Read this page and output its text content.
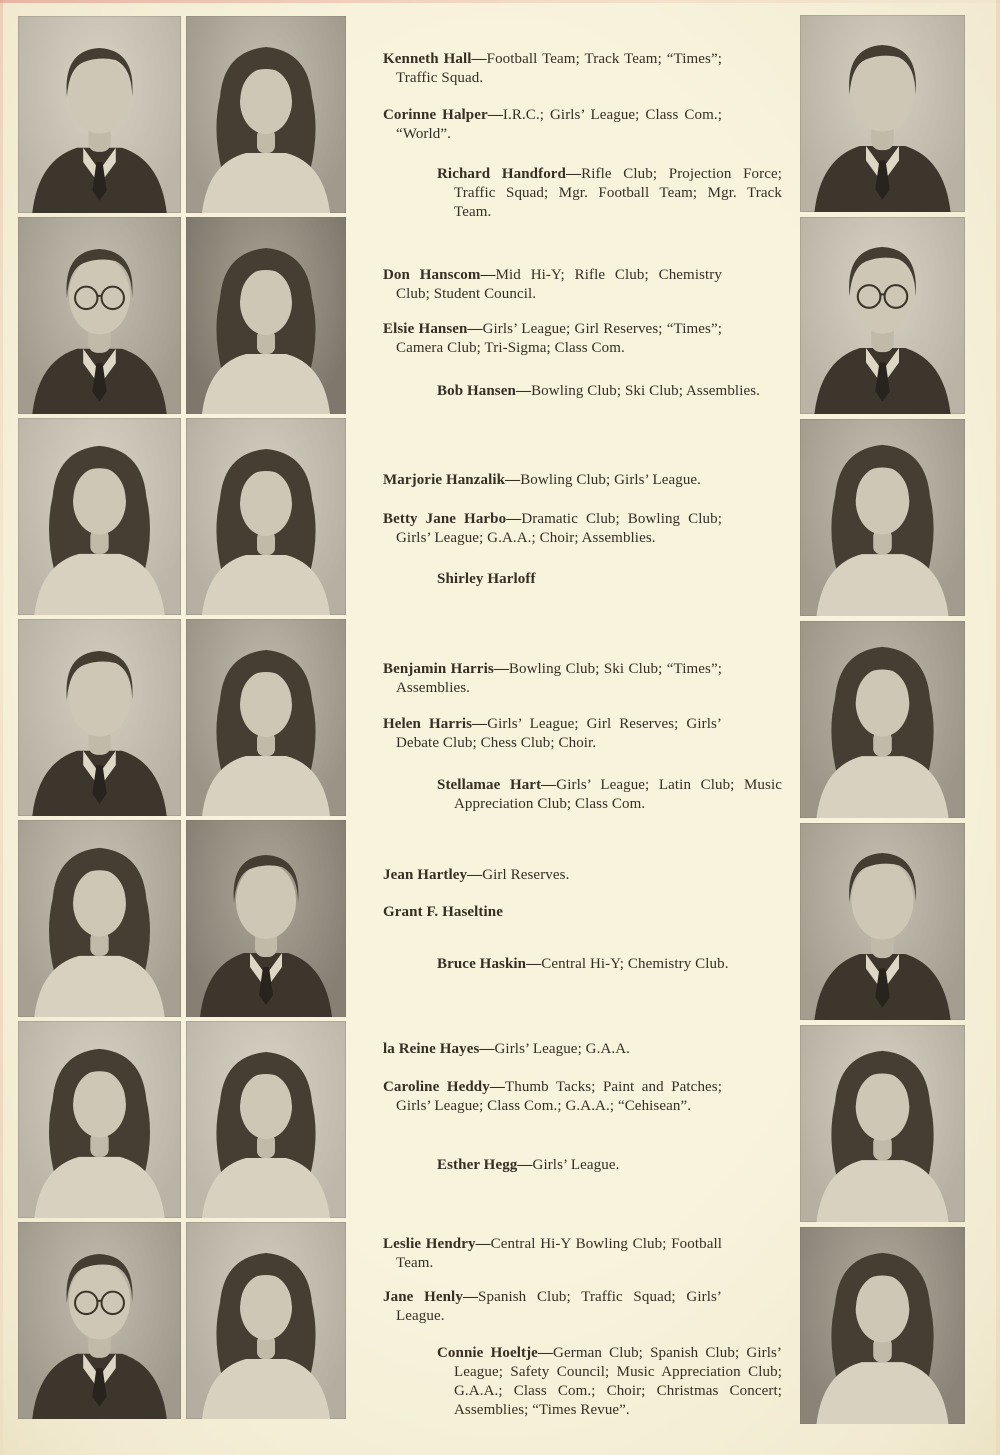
Kenneth Hall—Football Team; Track Team; “Times”; Traffic Squad.
Corinne Halper—I.R.C.; Girls’ League; Class Com.; “World”.
Richard Handford—Rifle Club; Projection Force; Traffic Squad; Mgr. Football Team; Mgr. Track Team.
Don Hanscom—Mid Hi-Y; Rifle Club; Chemistry Club; Student Council.
Elsie Hansen—Girls’ League; Girl Reserves; “Times”; Camera Club; Tri-Sigma; Class Com.
Bob Hansen—Bowling Club; Ski Club; Assemblies.
Marjorie Hanzalik—Bowling Club; Girls’ League.
Betty Jane Harbo—Dramatic Club; Bowling Club; Girls’ League; G.A.A.; Choir; Assemblies.
Shirley Harloff
Benjamin Harris—Bowling Club; Ski Club; “Times”; Assemblies.
Helen Harris—Girls’ League; Girl Reserves; Girls’ Debate Club; Chess Club; Choir.
Stellamae Hart—Girls’ League; Latin Club; Music Appreciation Club; Class Com.
Jean Hartley—Girl Reserves.
Grant F. Haseltine
Bruce Haskin—Central Hi-Y; Chemistry Club.
la Reine Hayes—Girls’ League; G.A.A.
Caroline Heddy—Thumb Tacks; Paint and Patches; Girls’ League; Class Com.; G.A.A.; “Cehisean”.
Esther Hegg—Girls’ League.
Leslie Hendry—Central Hi-Y Bowling Club; Football Team.
Jane Henly—Spanish Club; Traffic Squad; Girls’ League.
Connie Hoeltje—German Club; Spanish Club; Girls’ League; Safety Council; Music Appreciation Club; G.A.A.; Class Com.; Choir; Christmas Concert; Assemblies; “Times Revue”.
